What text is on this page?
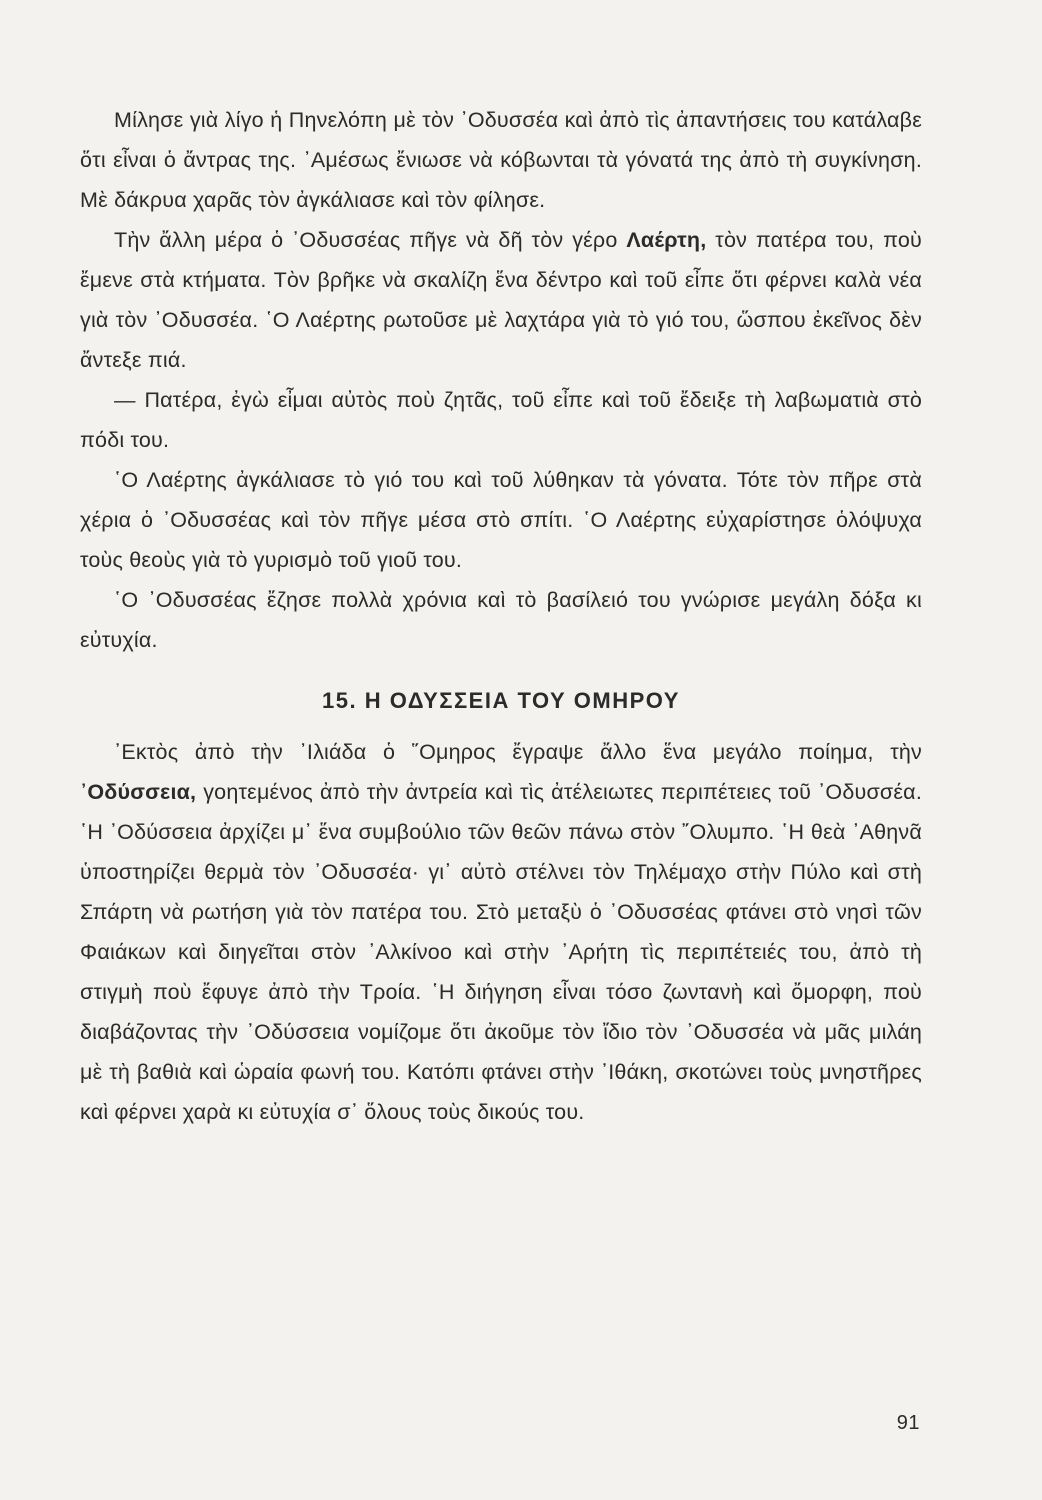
Μίλησε γιὰ λίγο ἡ Πηνελόπη μὲ τὸν ᾿Οδυσσέα καὶ ἀπὸ τὶς ἀπαντήσεις του κατάλαβε ὅτι εἶναι ὁ ἄντρας της. ᾿Αμέσως ἔνιωσε νὰ κόβωνται τὰ γόνατά της ἀπὸ τὴ συγκίνηση. Μὲ δάκρυα χαρᾶς τὸν ἀγκάλιασε καὶ τὸν φίλησε.

Τὴν ἄλλη μέρα ὁ ᾿Οδυσσέας πῆγε νὰ δῆ τὸν γέρο Λαέρτη, τὸν πατέρα του, ποὺ ἔμενε στὰ κτήματα. Τὸν βρῆκε νὰ σκαλίζη ἕνα δέντρο καὶ τοῦ εἶπε ὅτι φέρνει καλὰ νέα γιὰ τὸν ᾿Οδυσσέα. ῾Ο Λαέρτης ρωτοῦσε μὲ λαχτάρα γιὰ τὸ γιό του, ὥσπου ἐκεῖνος δὲν ἄντεξε πιά.

— Πατέρα, ἐγὼ εἶμαι αὐτὸς ποὺ ζητᾶς, τοῦ εἶπε καὶ τοῦ ἔδειξε τὴ λαβωματιὰ στὸ πόδι του.

῾Ο Λαέρτης ἀγκάλιασε τὸ γιό του καὶ τοῦ λύθηκαν τὰ γόνατα. Τότε τὸν πῆρε στὰ χέρια ὁ ᾿Οδυσσέας καὶ τὸν πῆγε μέσα στὸ σπίτι. ῾Ο Λαέρτης εὐχαρίστησε ὁλόψυχα τοὺς θεοὺς γιὰ τὸ γυρισμὸ τοῦ γιοῦ του.

῾Ο ᾿Οδυσσέας ἔζησε πολλὰ χρόνια καὶ τὸ βασίλειό του γνώρισε μεγάλη δόξα κι εὐτυχία.

15. Η ΟΔΥΣΣΕΙΑ ΤΟΥ ΟΜΗΡΟΥ

᾿Εκτὸς ἀπὸ τὴν ᾿Ιλιάδα ὁ ῞Ομηρος ἔγραψε ἄλλο ἕνα μεγάλο ποίημα, τὴν ᾿Οδύσσεια, γοητεμένος ἀπὸ τὴν ἀντρεία καὶ τὶς ἀτέλειωτες περιπέτειες τοῦ ᾿Οδυσσέα. ῾Η ᾿Οδύσσεια ἀρχίζει μ᾿ ἕνα συμβούλιο τῶν θεῶν πάνω στὸν ῎Ολυμπο. ῾Η θεὰ ᾿Αθηνᾶ ὑποστηρίζει θερμὰ τὸν ᾿Οδυσσέα· γι᾿ αὐτὸ στέλνει τὸν Τηλέμαχο στὴν Πύλο καὶ στὴ Σπάρτη νὰ ρωτήση γιὰ τὸν πατέρα του. Στὸ μεταξὺ ὁ ᾿Οδυσσέας φτάνει στὸ νησὶ τῶν Φαιάκων καὶ διηγεῖται στὸν ᾿Αλκίνοο καὶ στὴν ᾿Αρήτη τὶς περιπέτειές του, ἀπὸ τὴ στιγμὴ ποὺ ἔφυγε ἀπὸ τὴν Τροία. ῾Η διήγηση εἶναι τόσο ζωντανὴ καὶ ὄμορφη, ποὺ διαβάζοντας τὴν ᾿Οδύσσεια νομίζομε ὅτι ἀκοῦμε τὸν ἴδιο τὸν ᾿Οδυσσέα νὰ μᾶς μιλάη μὲ τὴ βαθιὰ καὶ ὡραία φωνή του. Κατόπι φτάνει στὴν ᾿Ιθάκη, σκοτώνει τοὺς μνηστῆρες καὶ φέρνει χαρὰ κι εὐτυχία σ᾿ ὅλους τοὺς δικούς του.

91
